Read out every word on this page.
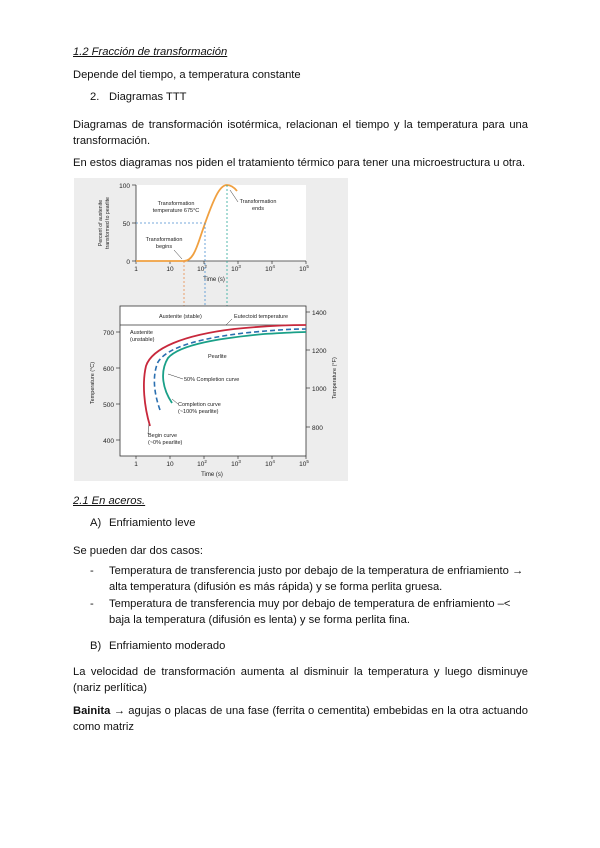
1.2 Fracción de transformación

Depende del tiempo, a temperatura constante

2. Diagramas TTT

Diagramas de transformación isotérmica, relacionan el tiempo y la temperatura para una transformación.

En estos diagramas nos piden el tratamiento térmico para tener una microestructura u otra.

100
50
0
Percent of austenite transformed to pearlite
1	10	$10^2$	$10^3$	$10^4$	$10^5$
Time (s)
Transformation
temperature 675°C
Transformation
ends
Transformation
begins
700
600
500
400
Temperature (°C)
1400
1200
1000
800
Temperature (°F)
1	10	$10^2$	$10^3$	$10^4$	$10^5$
Time (s)
Austenite (stable)	Eutectoid temperature
Austenite
(unstable)
Pearlite
50% Completion curve
Completion curve
(~100% pearlite)
Begin curve
(~0% pearlite)

2.1 En aceros.

A) Enfriamiento leve

Se pueden dar dos casos:

- Temperatura de transferencia justo por debajo de la temperatura de enfriamiento →
alta temperatura (difusión es más rápida) y se forma perlita gruesa.
- Temperatura de transferencia muy por debajo de temperatura de enfriamiento –<
baja la temperatura (difusión es lenta) y se forma perlita fina.
B) Enfriamiento moderado

La velocidad de transformación aumenta al disminuir la temperatura y luego disminuye (nariz perlítica)

Bainita → agujas o placas de una fase (ferrita o cementita) embebidas en la otra actuando como matriz
